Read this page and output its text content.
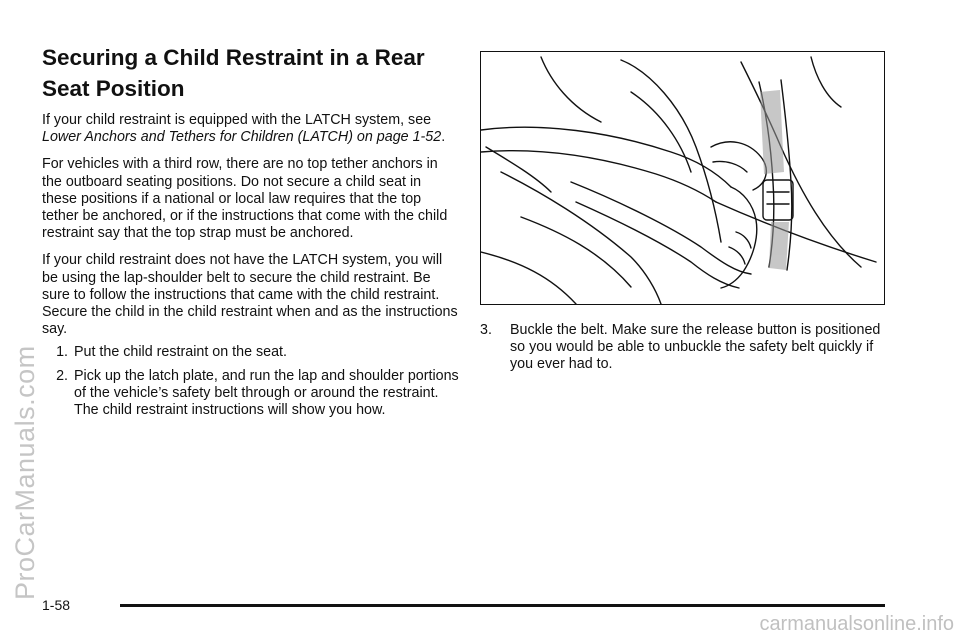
Securing a Child Restraint in a Rear Seat Position

If your child restraint is equipped with the LATCH system, see Lower Anchors and Tethers for Children (LATCH) on page 1-52.

For vehicles with a third row, there are no top tether anchors in the outboard seating positions. Do not secure a child seat in these positions if a national or local law requires that the top tether be anchored, or if the instructions that come with the child restraint say that the top strap must be anchored.

If your child restraint does not have the LATCH system, you will be using the lap-shoulder belt to secure the child restraint. Be sure to follow the instructions that came with the child restraint. Secure the child in the child restraint when and as the instructions say.

1. Put the child restraint on the seat.
2. Pick up the latch plate, and run the lap and shoulder portions of the vehicle’s safety belt through or around the restraint. The child restraint instructions will show you how.
3.	Buckle the belt. Make sure the release button is positioned so you would be able to unbuckle the safety belt quickly if you ever had to.
1-58
ProCarManuals.com
carmanualsonline.info
